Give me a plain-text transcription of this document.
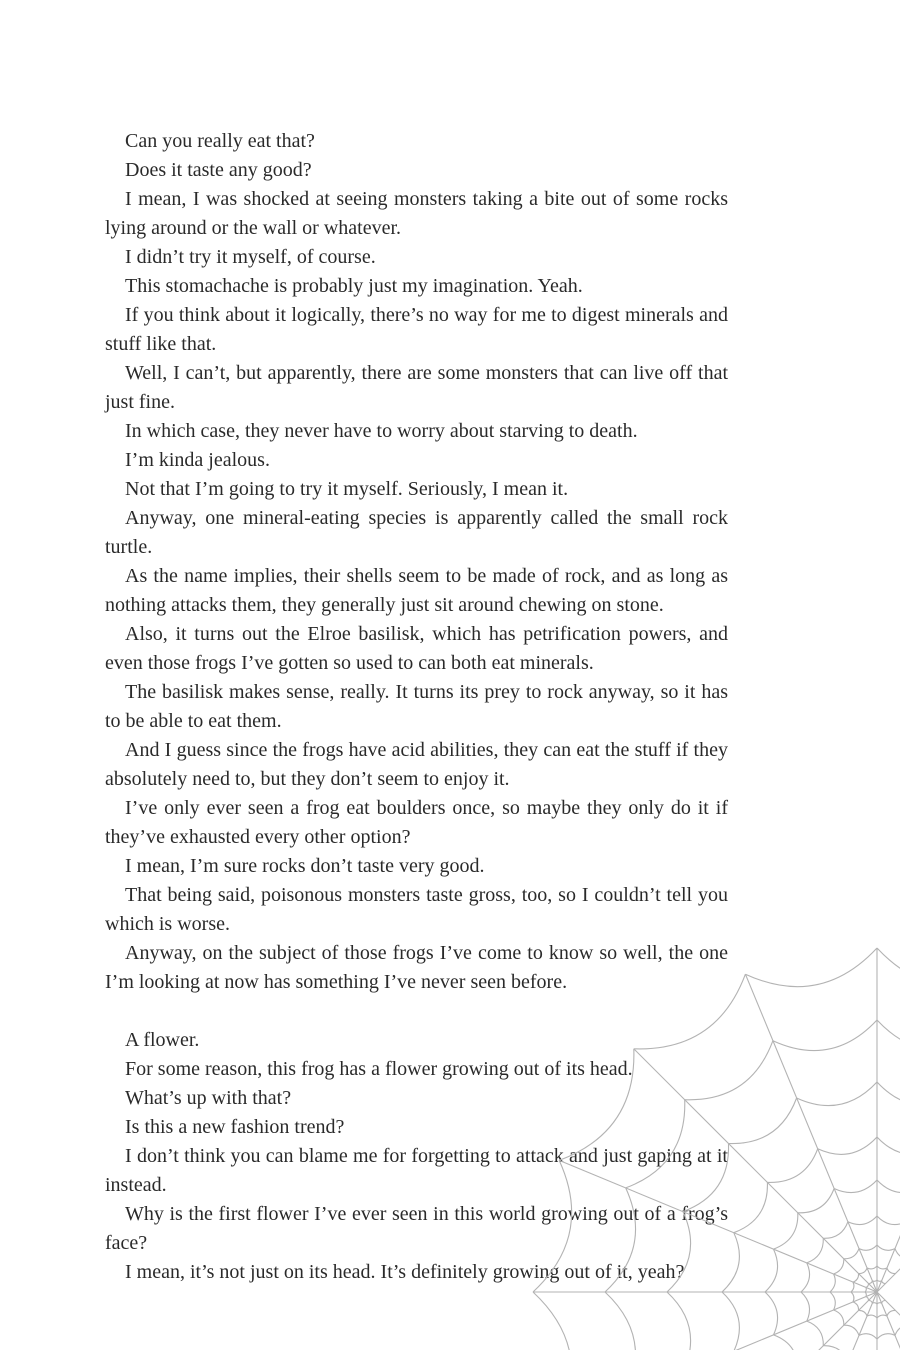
Can you really eat that?

Does it taste any good?

I mean, I was shocked at seeing monsters taking a bite out of some rocks lying around or the wall or whatever.

I didn’t try it myself, of course.

This stomachache is probably just my imagination. Yeah.

If you think about it logically, there’s no way for me to digest minerals and stuff like that.

Well, I can’t, but apparently, there are some monsters that can live off that just fine.

In which case, they never have to worry about starving to death.

I’m kinda jealous.

Not that I’m going to try it myself. Seriously, I mean it.

Anyway, one mineral-eating species is apparently called the small rock turtle.

As the name implies, their shells seem to be made of rock, and as long as nothing attacks them, they generally just sit around chewing on stone.

Also, it turns out the Elroe basilisk, which has petrification powers, and even those frogs I’ve gotten so used to can both eat minerals.

The basilisk makes sense, really. It turns its prey to rock anyway, so it has to be able to eat them.

And I guess since the frogs have acid abilities, they can eat the stuff if they absolutely need to, but they don’t seem to enjoy it.

I’ve only ever seen a frog eat boulders once, so maybe they only do it if they’ve exhausted every other option?

I mean, I’m sure rocks don’t taste very good.

That being said, poisonous monsters taste gross, too, so I couldn’t tell you which is worse.

Anyway, on the subject of those frogs I’ve come to know so well, the one I’m looking at now has something I’ve never seen before.

A flower.

For some reason, this frog has a flower growing out of its head.

What’s up with that?

Is this a new fashion trend?

I don’t think you can blame me for forgetting to attack and just gaping at it instead.

Why is the first flower I’ve ever seen in this world growing out of a frog’s face?

I mean, it’s not just on its head. It’s definitely growing out of it, yeah?
